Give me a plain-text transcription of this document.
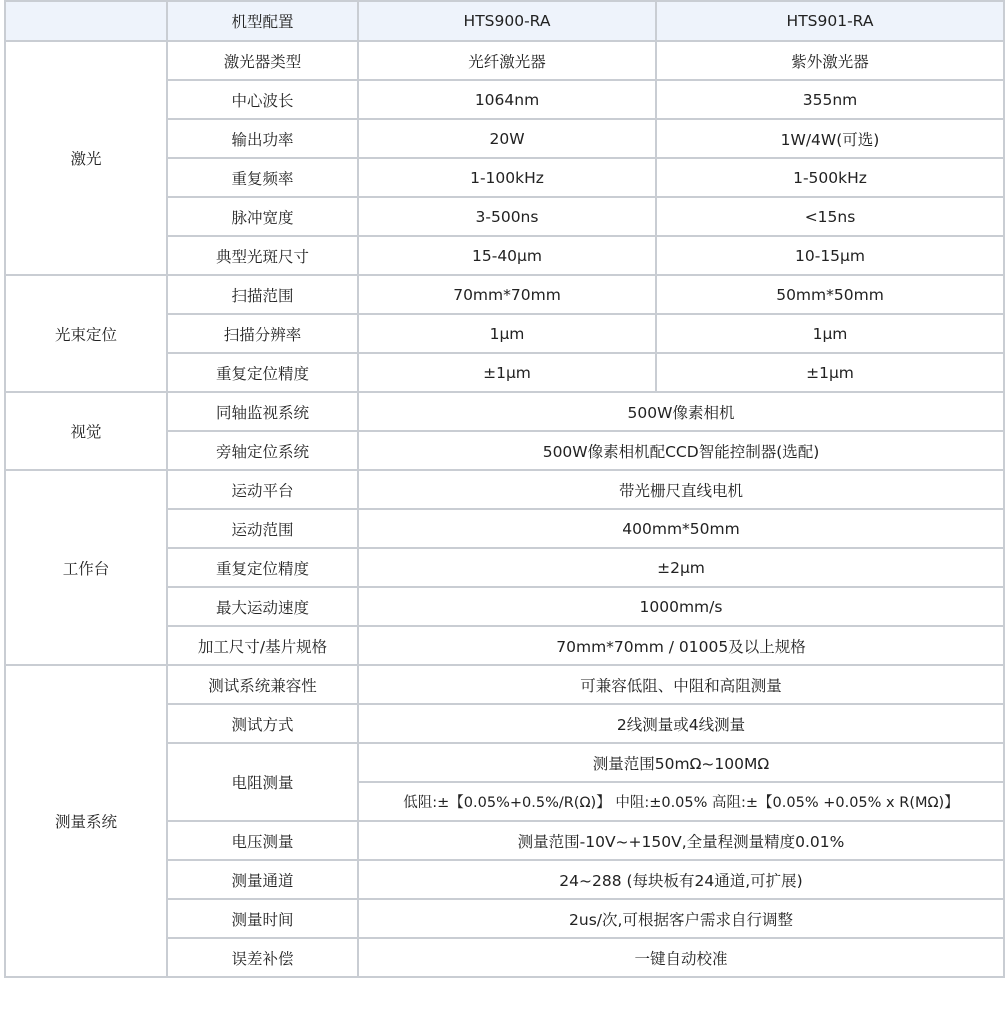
	机型配置	HTS900-RA	HTS901-RA
激光	激光器类型	光纤激光器	紫外激光器
	中心波长	1064nm	355nm
	输出功率	20W	1W/4W(可选)
	重复频率	1-100kHz	1-500kHz
	脉冲宽度	3-500ns	<15ns
	典型光斑尺寸	15-40μm	10-15μm
光束定位	扫描范围	70mm*70mm	50mm*50mm
	扫描分辨率	1μm	1μm
	重复定位精度	±1μm	±1μm
视觉	同轴监视系统	500W像素相机	
	旁轴定位系统	500W像素相机配CCD智能控制器(选配)	
工作台	运动平台	带光栅尺直线电机	
	运动范围	400mm*50mm	
	重复定位精度	±2μm	
	最大运动速度	1000mm/s	
	加工尺寸/基片规格	70mm*70mm / 01005及以上规格	
测量系统	测试系统兼容性	可兼容低阻、中阻和高阻测量	
	测试方式	2线测量或4线测量	
	电阻测量	测量范围50mΩ~100MΩ	
		低阻:±【0.05%+0.5%/R(Ω)】 中阻:±0.05% 高阻:±【0.05% +0.05% x R(MΩ)】	
	电压测量	测量范围-10V~+150V,全量程测量精度0.01%	
	测量通道	24~288 (每块板有24通道,可扩展)	
	测量时间	2us/次,可根据客户需求自行调整	
	误差补偿	一键自动校准	
